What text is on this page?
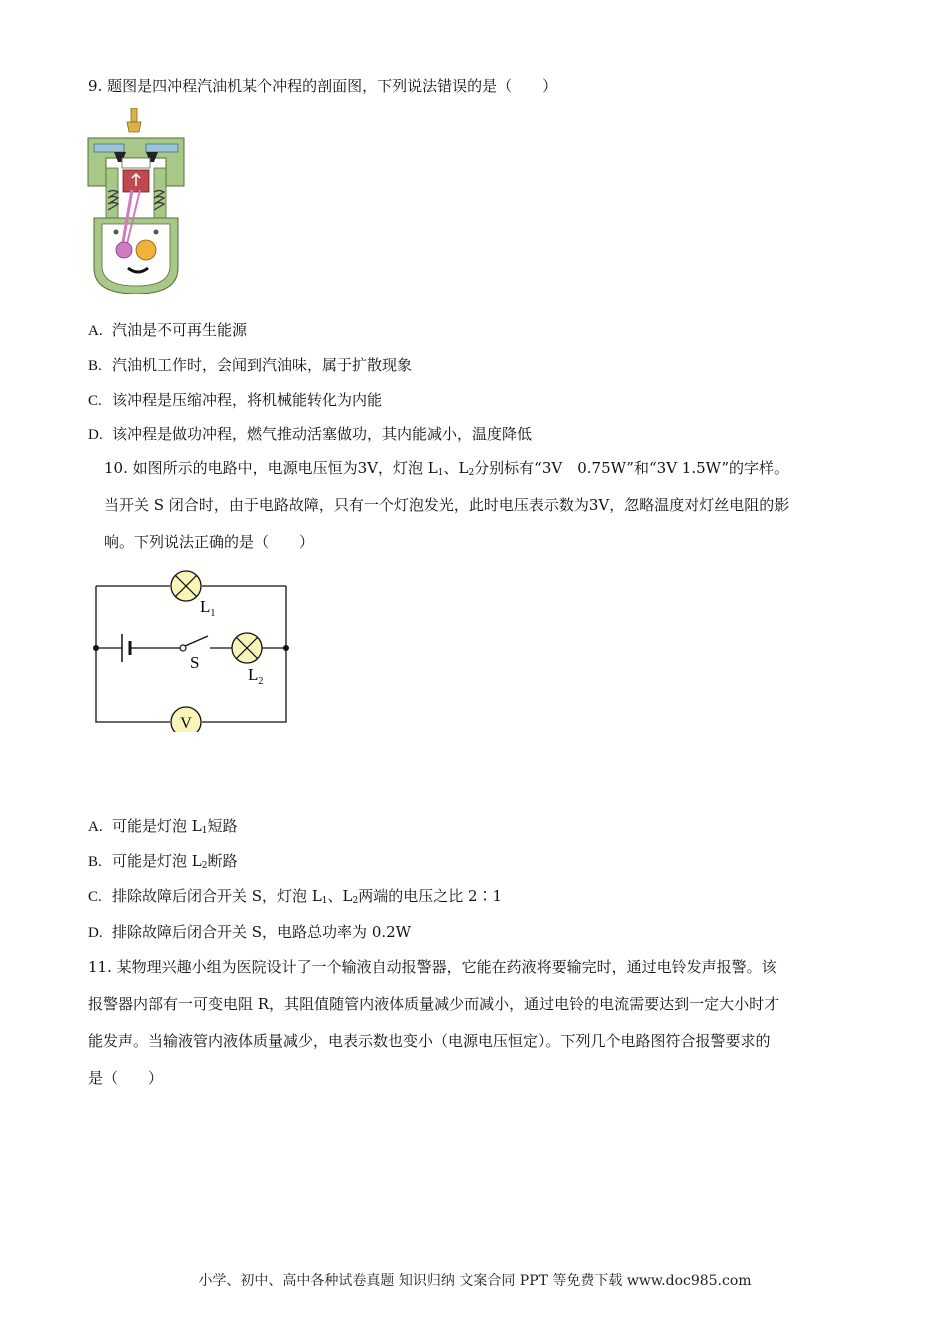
9. 题图是四冲程汽油机某个冲程的剖面图，下列说法错误的是（　　）
A. 汽油是不可再生能源
B. 汽油机工作时，会闻到汽油味，属于扩散现象
C. 该冲程是压缩冲程，将机械能转化为内能
D. 该冲程是做功冲程，燃气推动活塞做功，其内能减小，温度降低
10. 如图所示的电路中，电源电压恒为3V，灯泡 $L_1$、$L_2$分别标有“3V　0.75W”和“3V 1.5W”的字样。
当开关 S 闭合时，由于电路故障，只有一个灯泡发光，此时电压表示数为3V，忽略温度对灯丝电阻的影
响。下列说法正确的是（　　）
V
$L_1$
S
$L_2$
A. 可能是灯泡 $L_1$短路
B. 可能是灯泡 $L_2$断路
C. 排除故障后闭合开关 S，灯泡 $L_1$、$L_2$两端的电压之比 2∶1
D. 排除故障后闭合开关 S，电路总功率为 0.2W
11. 某物理兴趣小组为医院设计了一个输液自动报警器，它能在药液将要输完时，通过电铃发声报警。该
报警器内部有一可变电阻 R，其阻值随管内液体质量减少而减小，通过电铃的电流需要达到一定大小时才
能发声。当输液管内液体质量减少，电表示数也变小（电源电压恒定）。下列几个电路图符合报警要求的
是（　　）
小学、初中、高中各种试卷真题 知识归纳 文案合同 PPT 等免费下载 www.doc985.com
